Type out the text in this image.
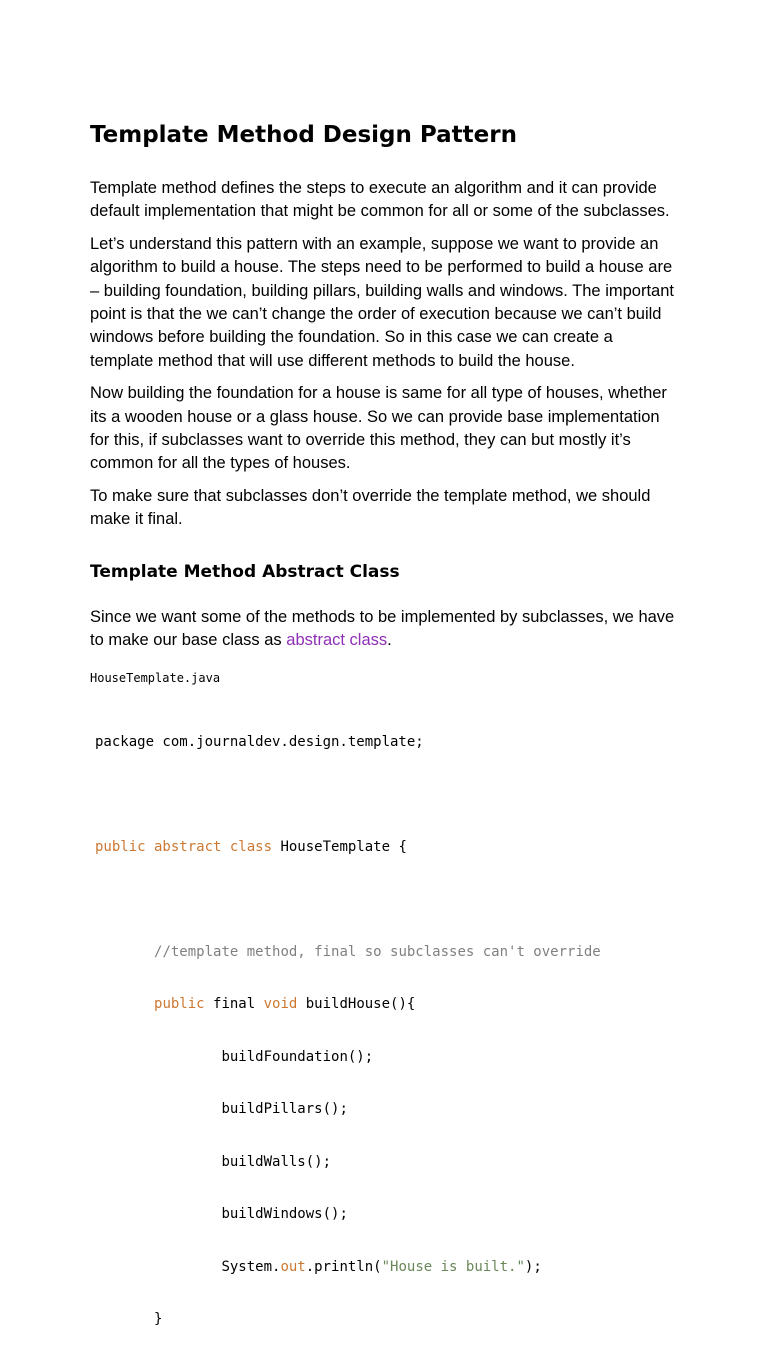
Template Method Design Pattern

Template method defines the steps to execute an algorithm and it can provide default implementation that might be common for all or some of the subclasses.

Let’s understand this pattern with an example, suppose we want to provide an algorithm to build a house. The steps need to be performed to build a house are – building foundation, building pillars, building walls and windows. The important point is that the we can’t change the order of execution because we can’t build windows before building the foundation. So in this case we can create a template method that will use different methods to build the house.

Now building the foundation for a house is same for all type of houses, whether its a wooden house or a glass house. So we can provide base implementation for this, if subclasses want to override this method, they can but mostly it’s common for all the types of houses.

To make sure that subclasses don’t override the template method, we should make it final.

Template Method Abstract Class

Since we want some of the methods to be implemented by subclasses, we have to make our base class as abstract class.

HouseTemplate.java

package com.journaldev.design.template;

public abstract class HouseTemplate {

//template method, final so subclasses can't override

public final void buildHouse(){

buildFoundation();

buildPillars();

buildWalls();

buildWindows();

System.out.println("House is built.");

}
